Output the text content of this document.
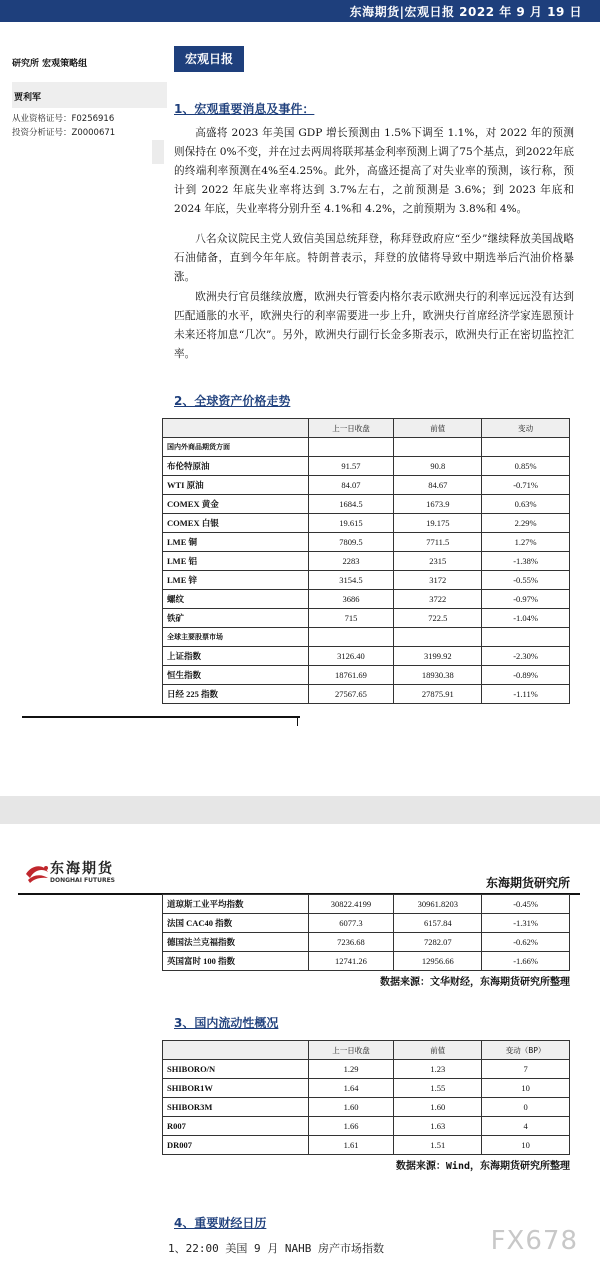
东海期货|宏观日报 2022 年 9 月 19 日
研究所 宏观策略组
贾利军
从业资格证号：F0256916
投资分析证号：Z0000671
宏观日报
1、宏观重要消息及事件：
高盛将 2023 年美国 GDP 增长预测由 1.5%下调至 1.1%，对 2022 年的预测则保持在 0%不变，并在过去两周将联邦基金利率预测上调了75个基点，到2022年底的终端利率预测在4%至4.25%。此外，高盛还提高了对失业率的预测，该行称，预计到 2022 年底失业率将达到 3.7%左右，之前预测是 3.6%；到 2023 年底和 2024 年底，失业率将分别升至 4.1%和 4.2%，之前预期为 3.8%和 4%。
八名众议院民主党人致信美国总统拜登，称拜登政府应“至少”继续释放美国战略石油储备，直到今年年底。特朗普表示，拜登的放储将导致中期选举后汽油价格暴涨。
欧洲央行官员继续放鹰，欧洲央行管委内格尔表示欧洲央行的利率远远没有达到匹配通胀的水平，欧洲央行的利率需要进一步上升，欧洲央行首席经济学家连恩预计未来还将加息“几次”。另外，欧洲央行副行长金多斯表示，欧洲央行正在密切监控汇率。
2、全球资产价格走势
	上一日收盘	前值	变动
国内外商品期货方面			
布伦特原油	91.57	90.8	0.85%
WTI 原油	84.07	84.67	-0.71%
COMEX 黄金	1684.5	1673.9	0.63%
COMEX 白银	19.615	19.175	2.29%
LME 铜	7809.5	7711.5	1.27%
LME 铝	2283	2315	-1.38%
LME 锌	3154.5	3172	-0.55%
螺纹	3686	3722	-0.97%
铁矿	715	722.5	-1.04%
全球主要股票市场			
上证指数	3126.40	3199.92	-2.30%
恒生指数	18761.69	18930.38	-0.89%
日经 225 指数	27567.65	27875.91	-1.11%
东海期货
DONGHAI FUTURES	东海期货研究所
道琼斯工业平均指数	30822.4199	30961.8203	-0.45%
法国 CAC40 指数	6077.3	6157.84	-1.31%
德国法兰克福指数	7236.68	7282.07	-0.62%
英国富时 100 指数	12741.26	12956.66	-1.66%
数据来源：文华财经，东海期货研究所整理
3、国内流动性概况
	上一日收盘	前值	变动（BP）
SHIBORO/N	1.29	1.23	7
SHIBOR1W	1.64	1.55	10
SHIBOR3M	1.60	1.60	0
R007	1.66	1.63	4
DR007	1.61	1.51	10
数据来源：Wind，东海期货研究所整理
4、重要财经日历
1、22:00 美国 9 月 NAHB 房产市场指数	FX678
